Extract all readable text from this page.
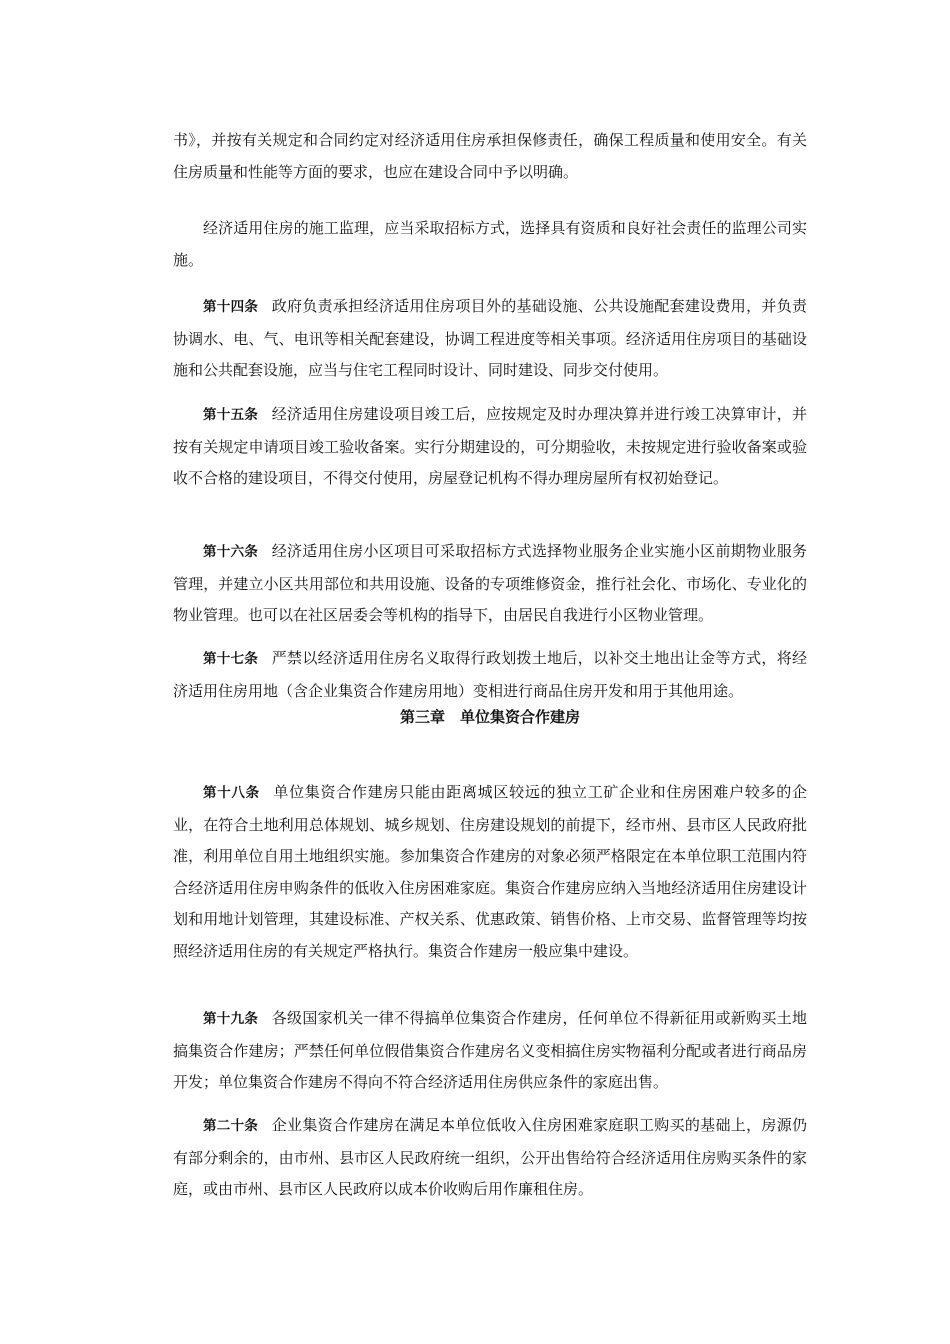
书》，并按有关规定和合同约定对经济适用住房承担保修责任，确保工程质量和使用安全。有关住房质量和性能等方面的要求，也应在建设合同中予以明确。

经济适用住房的施工监理，应当采取招标方式，选择具有资质和良好社会责任的监理公司实施。

第十四条 政府负责承担经济适用住房项目外的基础设施、公共设施配套建设费用，并负责协调水、电、气、电讯等相关配套建设，协调工程进度等相关事项。经济适用住房项目的基础设施和公共配套设施，应当与住宅工程同时设计、同时建设、同步交付使用。

第十五条 经济适用住房建设项目竣工后，应按规定及时办理决算并进行竣工决算审计，并按有关规定申请项目竣工验收备案。实行分期建设的，可分期验收，未按规定进行验收备案或验收不合格的建设项目，不得交付使用，房屋登记机构不得办理房屋所有权初始登记。

第十六条 经济适用住房小区项目可采取招标方式选择物业服务企业实施小区前期物业服务管理，并建立小区共用部位和共用设施、设备的专项维修资金，推行社会化、市场化、专业化的物业管理。也可以在社区居委会等机构的指导下，由居民自我进行小区物业管理。

第十七条 严禁以经济适用住房名义取得行政划拨土地后，以补交土地出让金等方式，将经济适用住房用地（含企业集资合作建房用地）变相进行商品住房开发和用于其他用途。

第三章 单位集资合作建房

第十八条 单位集资合作建房只能由距离城区较远的独立工矿企业和住房困难户较多的企业，在符合土地利用总体规划、城乡规划、住房建设规划的前提下，经市州、县市区人民政府批准，利用单位自用土地组织实施。参加集资合作建房的对象必须严格限定在本单位职工范围内符合经济适用住房申购条件的低收入住房困难家庭。集资合作建房应纳入当地经济适用住房建设计划和用地计划管理，其建设标准、产权关系、优惠政策、销售价格、上市交易、监督管理等均按照经济适用住房的有关规定严格执行。集资合作建房一般应集中建设。

第十九条 各级国家机关一律不得搞单位集资合作建房，任何单位不得新征用或新购买土地搞集资合作建房；严禁任何单位假借集资合作建房名义变相搞住房实物福利分配或者进行商品房开发；单位集资合作建房不得向不符合经济适用住房供应条件的家庭出售。

第二十条 企业集资合作建房在满足本单位低收入住房困难家庭职工购买的基础上，房源仍有部分剩余的，由市州、县市区人民政府统一组织，公开出售给符合经济适用住房购买条件的家庭，或由市州、县市区人民政府以成本价收购后用作廉租住房。
